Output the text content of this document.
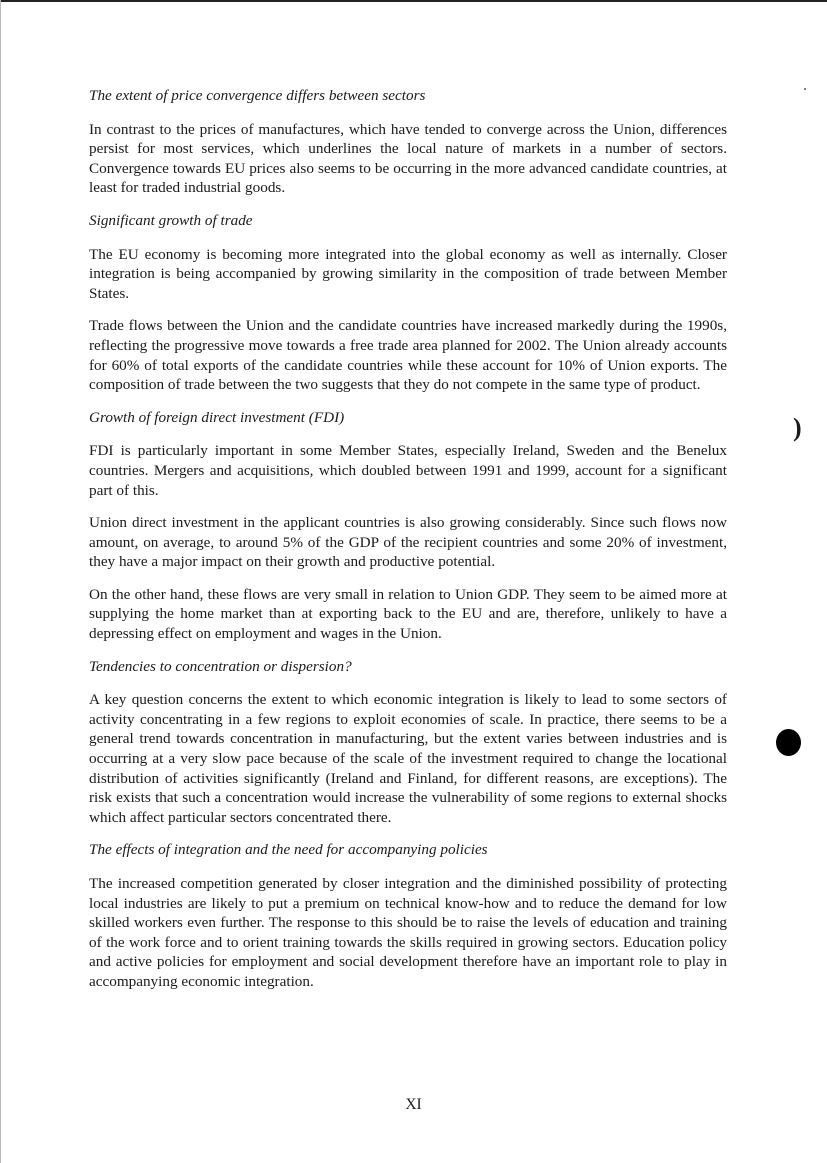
The extent of price convergence differs between sectors

In contrast to the prices of manufactures, which have tended to converge across the Union, differences persist for most services, which underlines the local nature of markets in a number of sectors. Convergence towards EU prices also seems to be occurring in the more advanced candidate countries, at least for traded industrial goods.

Significant growth of trade

The EU economy is becoming more integrated into the global economy as well as internally. Closer integration is being accompanied by growing similarity in the composition of trade between Member States.

Trade flows between the Union and the candidate countries have increased markedly during the 1990s, reflecting the progressive move towards a free trade area planned for 2002. The Union already accounts for 60% of total exports of the candidate countries while these account for 10% of Union exports. The composition of trade between the two suggests that they do not compete in the same type of product.

Growth of foreign direct investment (FDI)

FDI is particularly important in some Member States, especially Ireland, Sweden and the Benelux countries. Mergers and acquisitions, which doubled between 1991 and 1999, account for a significant part of this.

Union direct investment in the applicant countries is also growing considerably. Since such flows now amount, on average, to around 5% of the GDP of the recipient countries and some 20% of investment, they have a major impact on their growth and productive potential.

On the other hand, these flows are very small in relation to Union GDP. They seem to be aimed more at supplying the home market than at exporting back to the EU and are, therefore, unlikely to have a depressing effect on employment and wages in the Union.

Tendencies to concentration or dispersion?

A key question concerns the extent to which economic integration is likely to lead to some sectors of activity concentrating in a few regions to exploit economies of scale. In practice, there seems to be a general trend towards concentration in manufacturing, but the extent varies between industries and is occurring at a very slow pace because of the scale of the investment required to change the locational distribution of activities significantly (Ireland and Finland, for different reasons, are exceptions). The risk exists that such a concentration would increase the vulnerability of some regions to external shocks which affect particular sectors concentrated there.

The effects of integration and the need for accompanying policies

The increased competition generated by closer integration and the diminished possibility of protecting local industries are likely to put a premium on technical know-how and to reduce the demand for low skilled workers even further. The response to this should be to raise the levels of education and training of the work force and to orient training towards the skills required in growing sectors. Education policy and active policies for employment and social development therefore have an important role to play in accompanying economic integration.

)
XI
